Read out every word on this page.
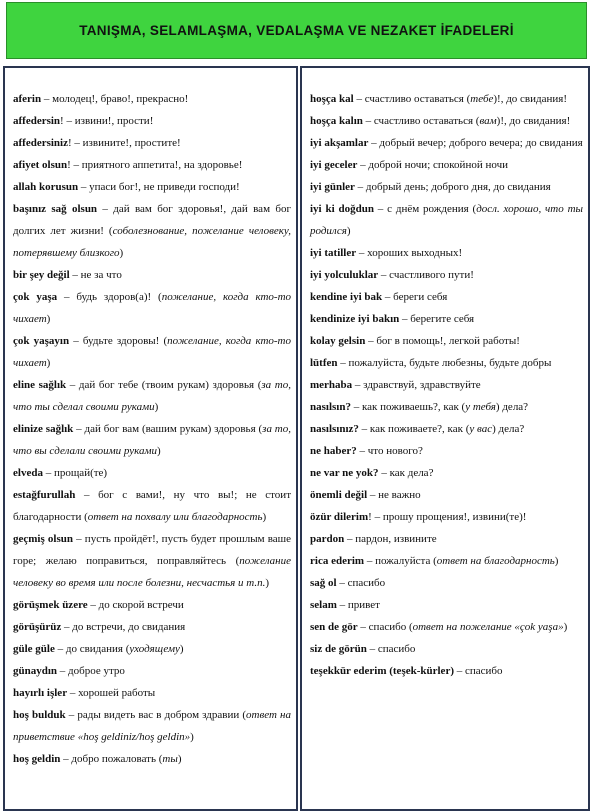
TANIŞMA, SELAMLAŞMA, VEDALAŞMA VE NEZAKET İFADELERİ

aferin – молодец!, браво!, прекрасно!

affedersin! – извини!, прости!

affedersiniz! – извините!, простите!

afiyet olsun! – приятного аппетита!, на здоровье!

allah korusun – упаси бог!, не приведи господи!

başınız sağ olsun – дай вам бог здоровья!, дай вам бог долгих лет жизни! (соболезнование, пожелание человеку, потерявшему близкого)

bir şey değil – не за что

çok yaşa – будь здоров(а)! (пожелание, когда кто-то чихает)

çok yaşayın – будьте здоровы! (пожелание, когда кто-то чихает)

eline sağlık – дай бог тебе (твоим рукам) здоровья (за то, что ты сделал своими руками)

elinize sağlık – дай бог вам (вашим рукам) здоровья (за то, что вы сделали своими руками)

elveda – прощай(те)

estağfurullah – бог с вами!, ну что вы!; не стоит благодарности (ответ на похвалу или благодарность)

geçmiş olsun – пусть пройдёт!, пусть будет прошлым ваше горе; желаю поправиться, поправляйтесь (пожелание человеку во время или после болезни, несчастья и т.п.)

görüşmek üzere – до скорой встречи

görüşürüz – до встречи, до свидания

güle güle – до свидания (уходящему)

günaydın – доброе утро

hayırlı işler – хорошей работы

hoş bulduk – рады видеть вас в добром здравии (ответ на приветствие «hoş geldiniz/hoş geldin»)

hoş geldin – добро пожаловать (ты)

hoşça kal – счастливо оставаться (тебе)!, до свидания!

hoşça kalın – счастливо оставаться (вам)!, до свидания!

iyi akşamlar – добрый вечер; доброго вечера; до свидания

iyi geceler – доброй ночи; спокойной ночи

iyi günler – добрый день; доброго дня, до свидания

iyi ki doğdun – с днём рождения (досл. хорошо, что ты родился)

iyi tatiller – хороших выходных!

iyi yolculuklar – счастливого пути!

kendine iyi bak – береги себя

kendinize iyi bakın – берегите себя

kolay gelsin – бог в помощь!, легкой работы!

lütfen – пожалуйста, будьте любезны, будьте добры

merhaba – здравствуй, здравствуйте

nasılsın? – как поживаешь?, как (у тебя) дела?

nasılsınız? – как поживаете?, как (у вас) дела?

ne haber? – что нового?

ne var ne yok? – как дела?

önemli değil – не важно

özür dilerim! – прошу прощения!, извини(те)!

pardon – пардон, извините

rica ederim – пожалуйста (ответ на благодарность)

sağ ol – спасибо

selam – привет

sen de gör – спасибо (ответ на пожелание «çok yaşa»)

siz de görün – спасибо

teşekkür ederim (teşek-kürler) – спасибо
